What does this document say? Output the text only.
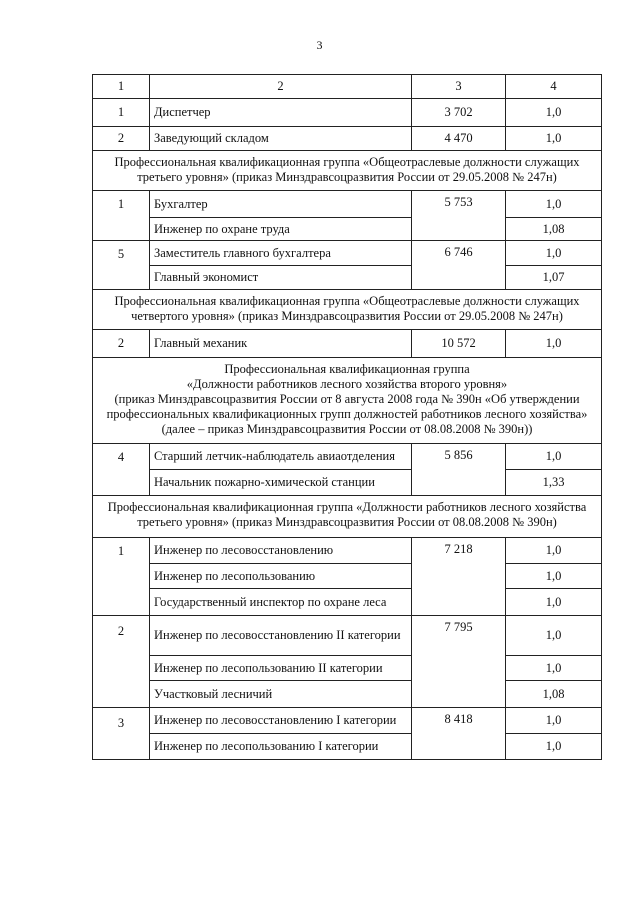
3
1	2	3	4
1	Диспетчер	3 702	1,0
2	Заведующий складом	4 470	1,0
Профессиональная квалификационная группа «Общеотраслевые должности служащих третьего уровня» (приказ Минздравсоцразвития России от 29.05.2008 № 247н)			
1	Бухгалтер	5 753	1,0
	Инженер по охране труда		1,08
5	Заместитель главного бухгалтера	6 746	1,0
	Главный экономист		1,07
Профессиональная квалификационная группа «Общеотраслевые должности служащих четвертого уровня» (приказ Минздравсоцразвития России от 29.05.2008 № 247н)			
2	Главный механик	10 572	1,0

Профессиональная квалификационная группа
«Должности работников лесного хозяйства второго уровня»
(приказ Минздравсоцразвития России от 8 августа 2008 года № 390н «Об утверждении профессиональных квалификационных групп должностей работников лесного хозяйства»
(далее – приказ Минздравсоцразвития России от 08.08.2008 № 390н))			

4	Старший летчик-наблюдатель авиаотделения	5 856	1,0
	Начальник пожарно-химической станции		1,33
Профессиональная квалификационная группа «Должности работников лесного хозяйства третьего уровня» (приказ Минздравсоцразвития России от 08.08.2008 № 390н)			
1	Инженер по лесовосстановлению	7 218	1,0
	Инженер по лесопользованию		1,0
	Государственный инспектор по охране леса		1,0
2	Инженер по лесовосстановлению II категории	7 795	1,0
	Инженер по лесопользованию II категории		1,0
	Участковый лесничий		1,08
3	Инженер по лесовосстановлению I категории	8 418	1,0
	Инженер по лесопользованию I категории		1,0
